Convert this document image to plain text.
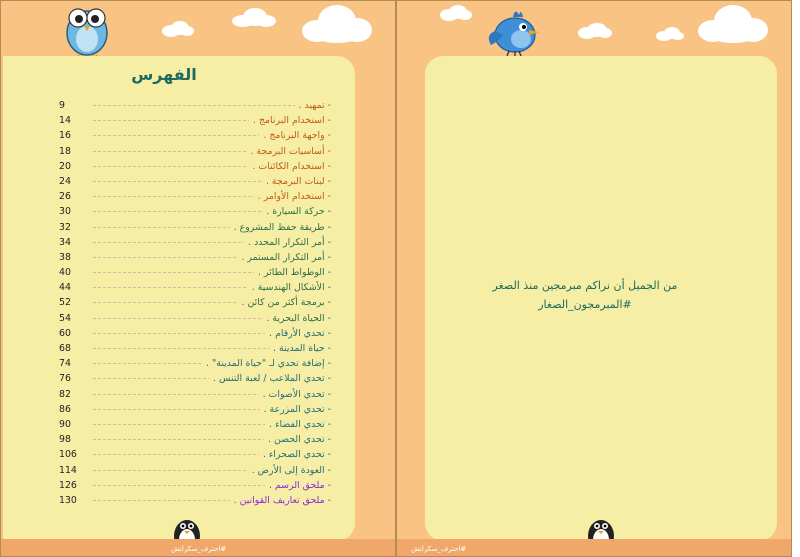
الفهرس
- تمهيد .
9
- استخدام البرنامج .
14
- واجهة البرنامج .
16
- أساسيات البرمجة .
18
- استخدام الكائنات .
20
- لبنات البرمجة .
24
- استخدام الأوامر .
26
- حركة السيارة .
30
- طريقة حفظ المشروع .
32
- أمر التكرار المحدد .
34
- أمر التكرار المستمر .
38
- الوطواط الطائر .
40
- الأشكال الهندسية .
44
- برمجة أكثر من كائن .
52
- الحياة البحرية .
54
- تحدي الأرقام .
60
- حياة المدينة .
68
- إضافة تحدي لـ "حياة المدينة" .
74
- تحدي الملاعب / لعبة التنس .
76
- تحدي الأصوات .
82
- تحدي المزرعة .
86
- تحدي الفضاء .
90
- تحدي الحصن .
98
- تحدي الصحراء .
106
- العودة إلى الأرض .
114
- ملحق الرسم .
126
- ملحق تعاريف القوانين .
130
#احترف_سكراتش	#احترف_سكراتش
من الجميل أن نراكم مبرمجين منذ الصغر
#المبرمجون_الصغار
